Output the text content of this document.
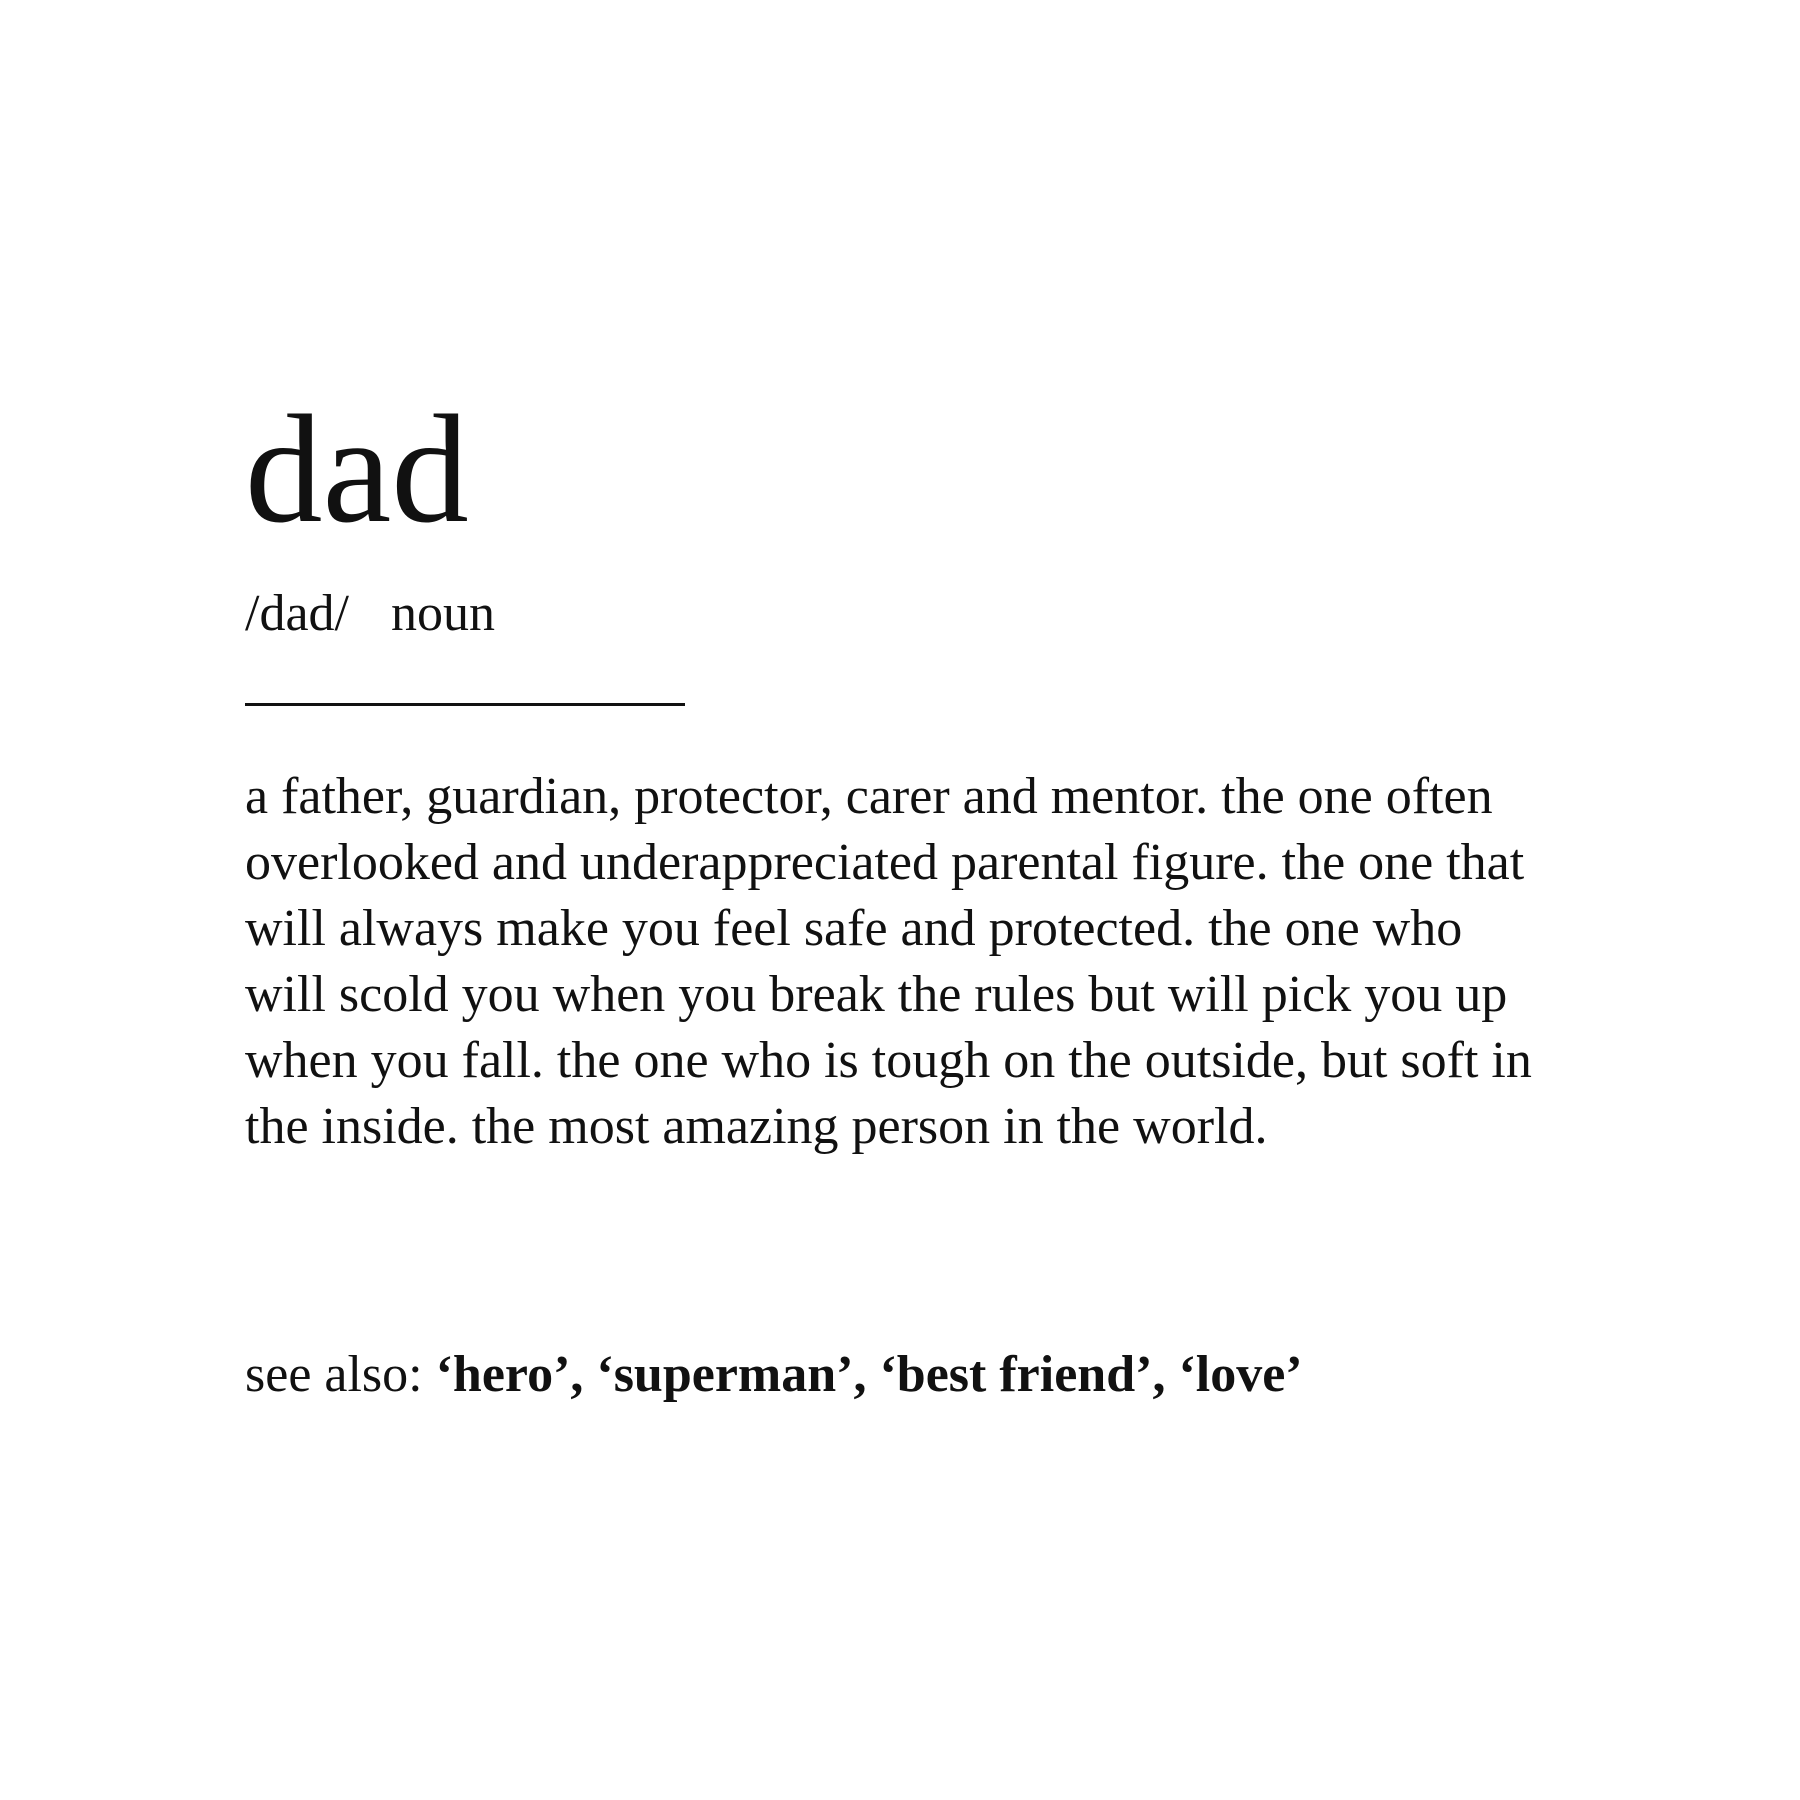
dad
/dad/ noun
a father, guardian, protector, carer and mentor. the one often
overlooked and underappreciated parental figure. the one that
will always make you feel safe and protected. the one who
will scold you when you break the rules but will pick you up
when you fall. the one who is tough on the outside, but soft in
the inside. the most amazing person in the world.
see also: ‘hero’, ‘superman’, ‘best friend’, ‘love’
